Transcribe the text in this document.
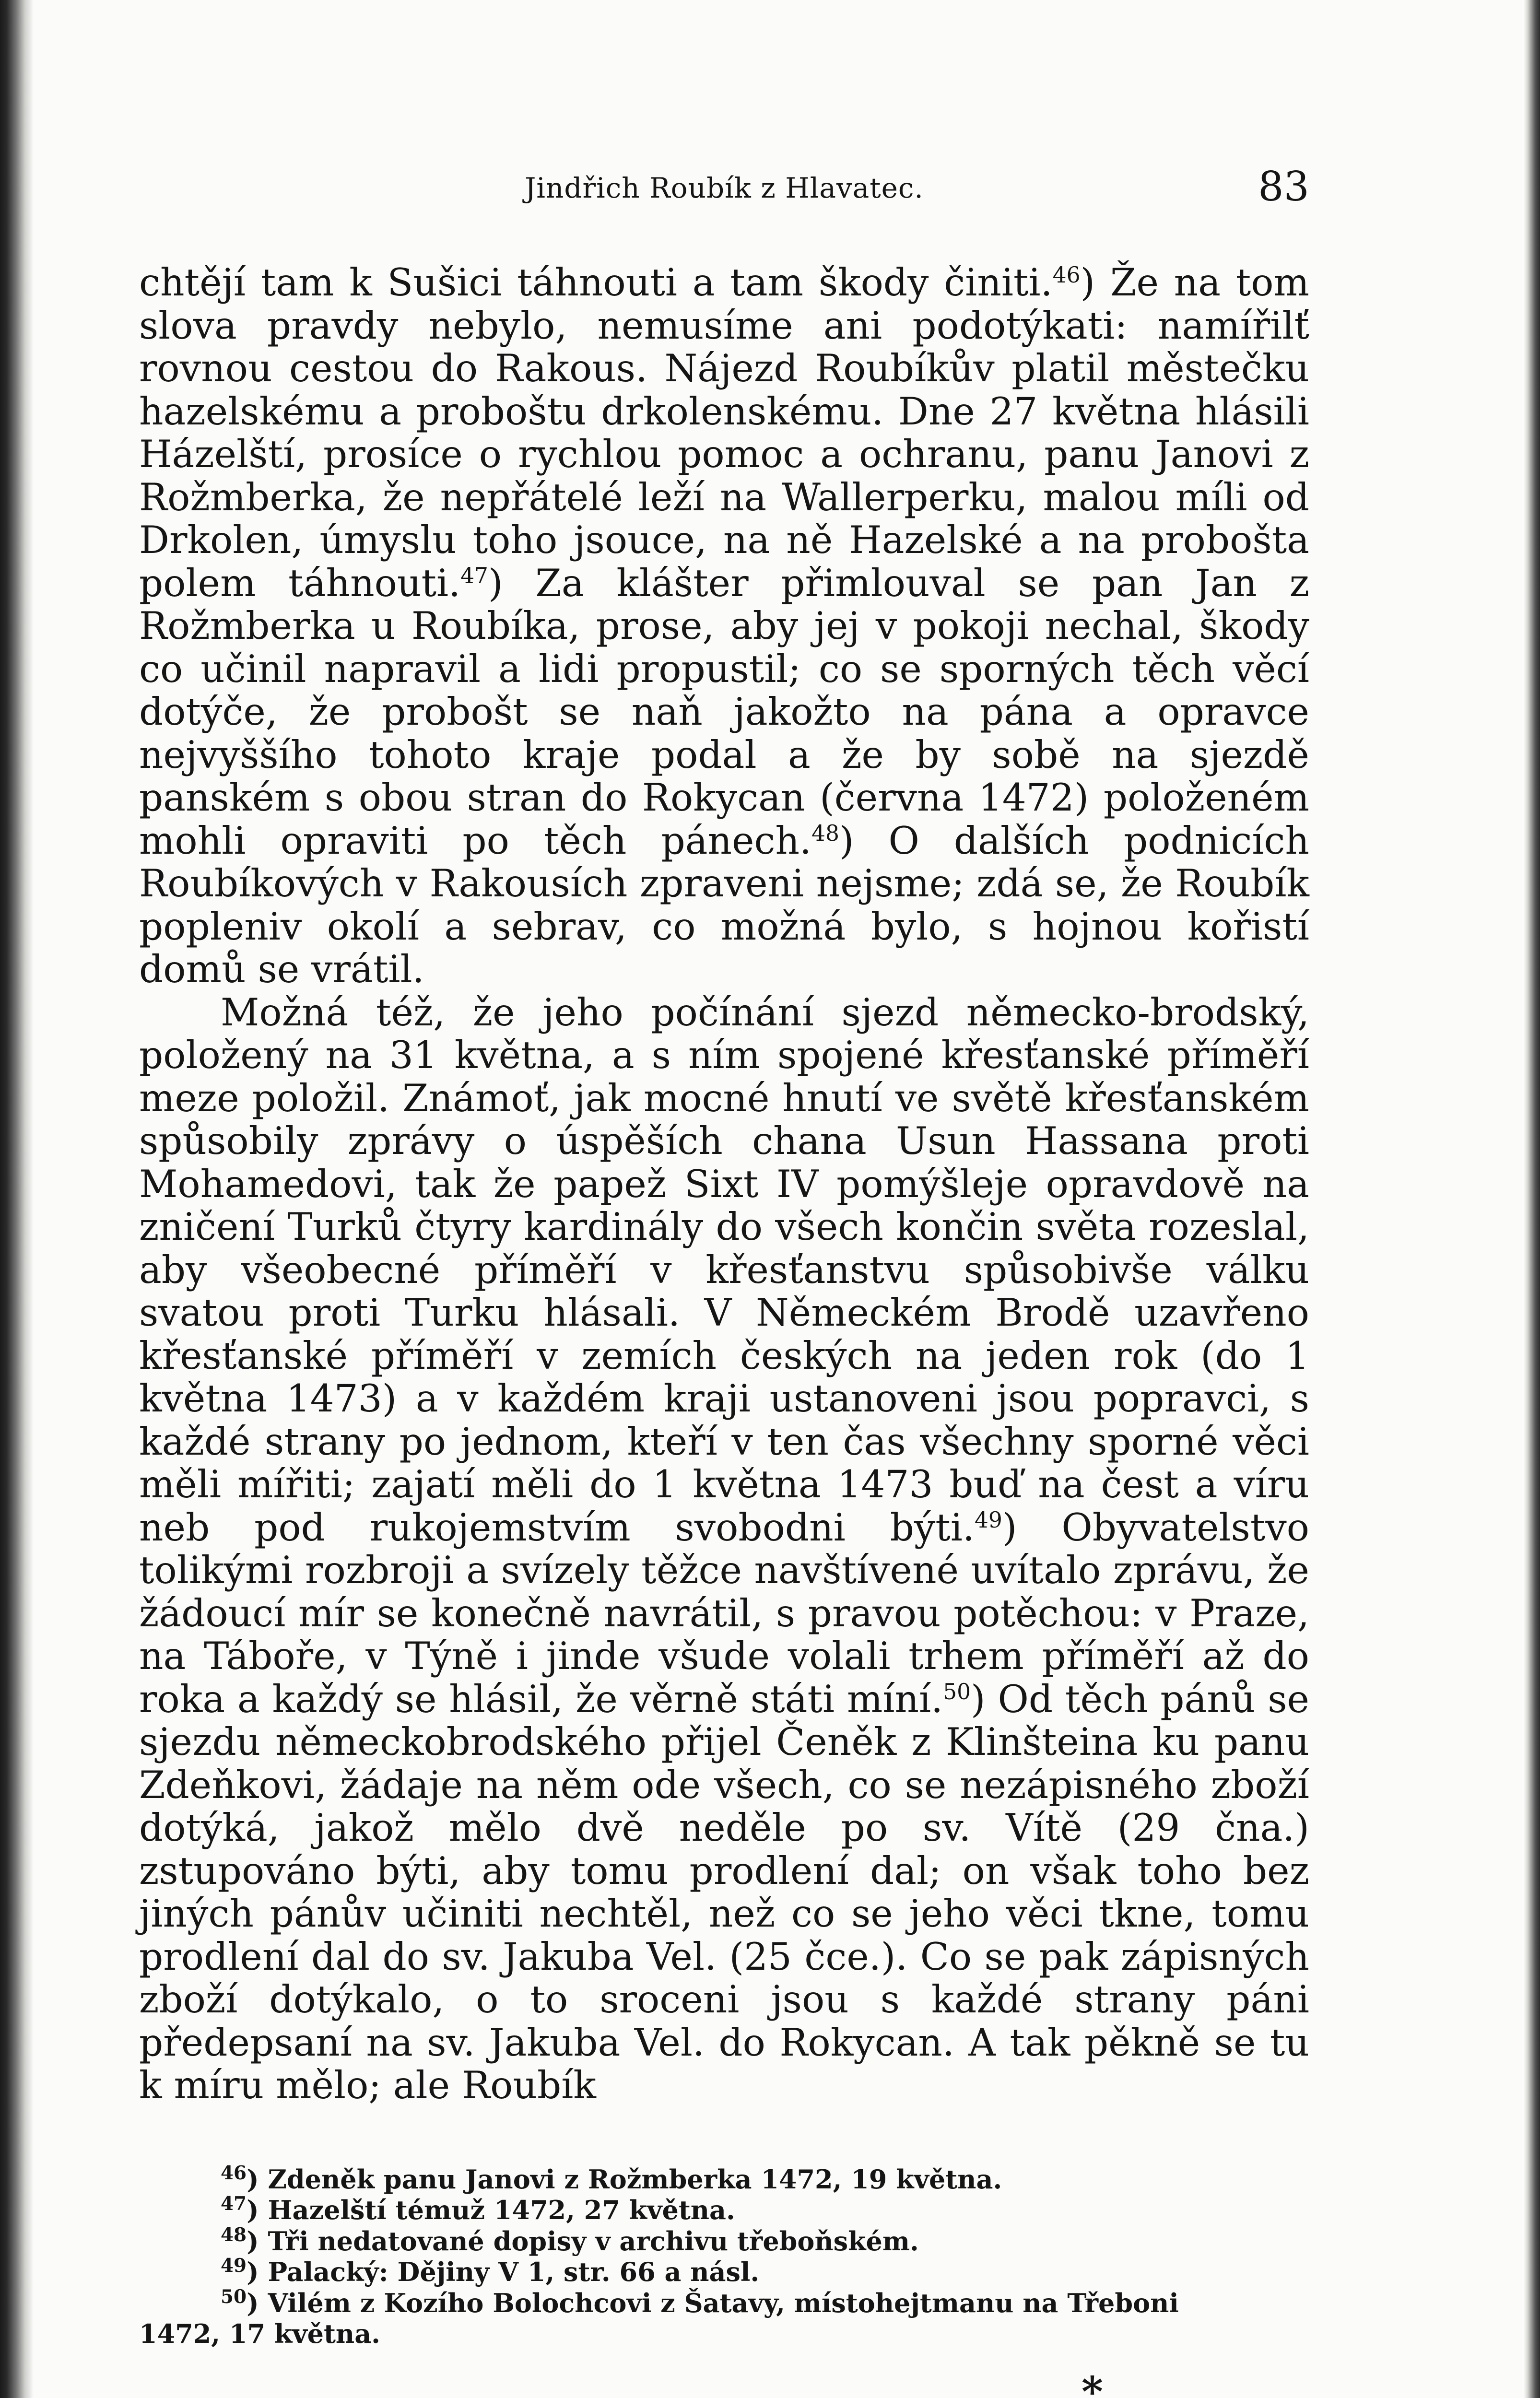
Jindřich Roubík z Hlavatec.	83

chtějí tam k Sušici táhnouti a tam škody činiti.$^{46}$) Že na tom slova pravdy nebylo, nemusíme ani podotýkati: namířilť rovnou cestou do Rakous. Nájezd Roubíkův platil městečku hazelskému a proboštu drkolenskému. Dne 27 května hlásili Házelští, prosíce o rychlou pomoc a ochranu, panu Janovi z Rožmberka, že nepřátelé leží na Wallerperku, malou míli od Drkolen, úmyslu toho jsouce, na ně Hazelské a na probošta polem táhnouti.$^{47}$) Za klášter přimlouval se pan Jan z Rožmberka u Roubíka, prose, aby jej v pokoji nechal, škody co učinil napravil a lidi propustil; co se sporných těch věcí dotýče, že probošt se naň jakožto na pána a opravce nejvyššího tohoto kraje podal a že by sobě na sjezdě panském s obou stran do Rokycan (června 1472) položeném mohli opraviti po těch pánech.$^{48}$) O dalších podnicích Roubíkových v Rakousích zpraveni nejsme; zdá se, že Roubík popleniv okolí a sebrav, co možná bylo, s hojnou kořistí domů se vrátil.

Možná též, že jeho počínání sjezd německo-brodský, položený na 31 května, a s ním spojené křesťanské příměří meze položil. Známoť, jak mocné hnutí ve světě křesťanském spůsobily zprávy o úspěších chana Usun Hassana proti Mohamedovi, tak že papež Sixt IV pomýšleje opravdově na zničení Turků čtyry kardinály do všech končin světa rozeslal, aby všeobecné příměří v křesťanstvu spůsobivše válku svatou proti Turku hlásali. V Německém Brodě uzavřeno křesťanské příměří v zemích českých na jeden rok (do 1 května 1473) a v každém kraji ustanoveni jsou popravci, s každé strany po jednom, kteří v ten čas všechny sporné věci měli mířiti; zajatí měli do 1 května 1473 buď na čest a víru neb pod rukojemstvím svobodni býti.$^{49}$) Obyvatelstvo tolikými rozbroji a svízely těžce navštívené uvítalo zprávu, že žádoucí mír se konečně navrátil, s pravou potěchou: v Praze, na Táboře, v Týně i jinde všude volali trhem příměří až do roka a každý se hlásil, že věrně státi míní.$^{50}$) Od těch pánů se sjezdu německobrodského přijel Čeněk z Klinšteina ku panu Zdeňkovi, žádaje na něm ode všech, co se nezápisného zboží dotýká, jakož mělo dvě neděle po sv. Vítě (29 čna.) zstupováno býti, aby tomu prodlení dal; on však toho bez jiných pánův učiniti nechtěl, než co se jeho věci tkne, tomu prodlení dal do sv. Jakuba Vel. (25 čce.). Co se pak zápisných zboží dotýkalo, o to sroceni jsou s každé strany páni předepsaní na sv. Jakuba Vel. do Rokycan. A tak pěkně se tu k míru mělo; ale Roubík

$^{46}$) Zdeněk panu Janovi z Rožmberka 1472, 19 května.
$^{47}$) Hazelští témuž 1472, 27 května.
$^{48}$) Tři nedatované dopisy v archivu třeboňském.
$^{49}$) Palacký: Dějiny V 1, str. 66 a násl.
$^{50}$) Vilém z Kozího Bolochcovi z Šatavy, místohejtmanu na Třeboni
1472, 17 května.
*
